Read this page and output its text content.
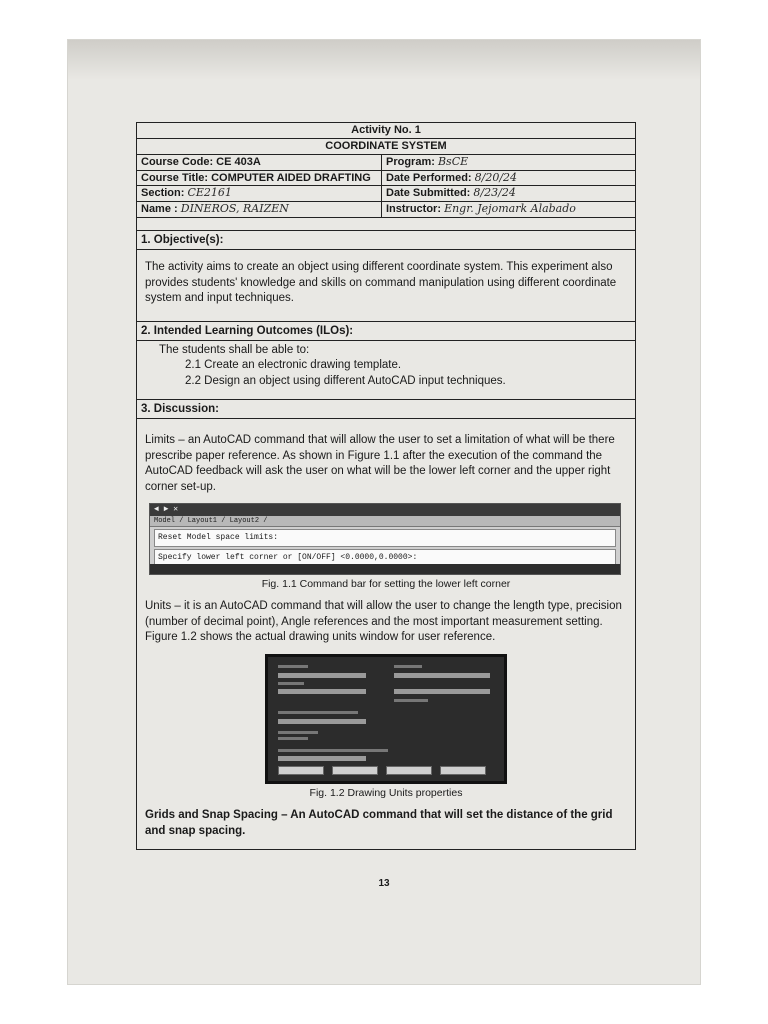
Activity No. 1	
COORDINATE SYSTEM	
Course Code: CE 403A	Program: BsCE
Course Title: COMPUTER AIDED DRAFTING	Date Performed: 8/20/24
Section: CE2161	Date Submitted: 8/23/24
Name : DINEROS, RAIZEN	Instructor: Engr. Jejomark Alabado
1. Objective(s):

The activity aims to create an object using different coordinate system. This experiment also provides students' knowledge and skills on command manipulation using different coordinate system and input techniques.

2. Intended Learning Outcomes (ILOs):
The students shall be able to:
2.1 Create an electronic drawing template.
2.2 Design an object using different AutoCAD input techniques.
3. Discussion:

Limits – an AutoCAD command that will allow the user to set a limitation of what will be there prescribe paper reference. As shown in Figure 1.1 after the execution of the command the AutoCAD feedback will ask the user on what will be the lower left corner and the upper right corner set-up.

◄ ► ✕
Model / Layout1 / Layout2 /
Reset Model space limits:
Specify lower left corner or [ON/OFF] <0.0000,0.0000>:
Fig. 1.1 Command bar for setting the lower left corner

Units – it is an AutoCAD command that will allow the user to change the length type, precision (number of decimal point), Angle references and the most important measurement setting. Figure 1.2 shows the actual drawing units window for user reference.

Fig. 1.2 Drawing Units properties

Grids and Snap Spacing – An AutoCAD command that will set the distance of the grid and snap spacing.

13
